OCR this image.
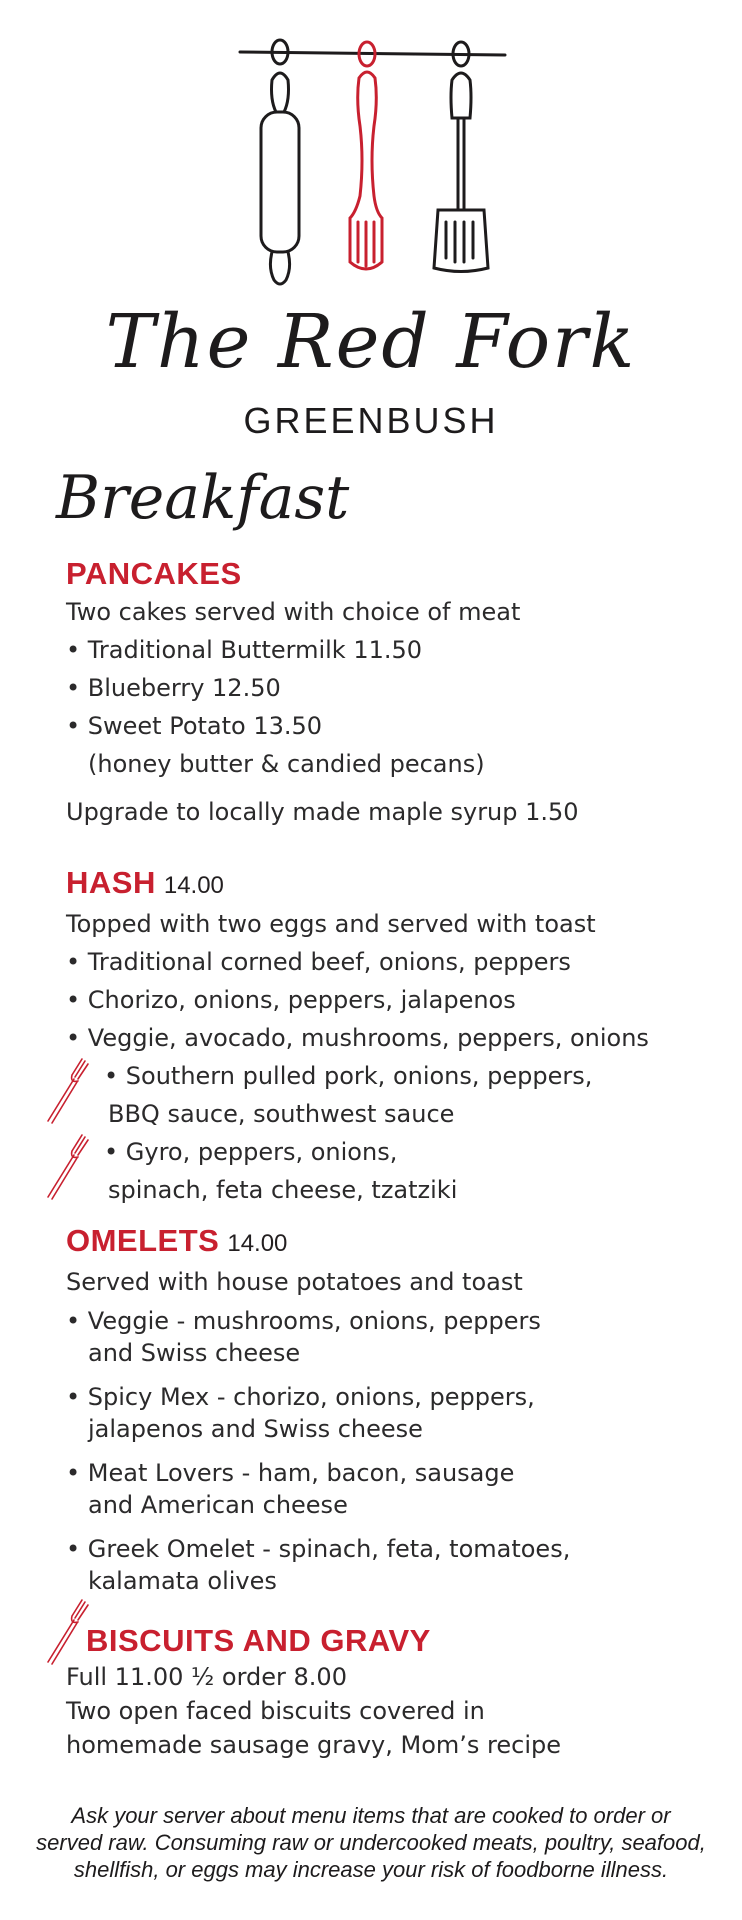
The Red Fork
GREENBUSH
Breakfast
PANCAKES
Two cakes served with choice of meat
• Traditional Buttermilk 11.50
• Blueberry 12.50
• Sweet Potato 13.50
(honey butter & candied pecans)
Upgrade to locally made maple syrup 1.50
HASH 14.00
Topped with two eggs and served with toast
• Traditional corned beef, onions, peppers
• Chorizo, onions, peppers, jalapenos
• Veggie, avocado, mushrooms, peppers, onions
• Southern pulled pork, onions, peppers,
BBQ sauce, southwest sauce
• Gyro, peppers, onions,
spinach, feta cheese, tzatziki
OMELETS 14.00
Served with house potatoes and toast
• Veggie - mushrooms, onions, peppers
and Swiss cheese
• Spicy Mex - chorizo, onions, peppers,
jalapenos and Swiss cheese
• Meat Lovers - ham, bacon, sausage
and American cheese
• Greek Omelet - spinach, feta, tomatoes,
kalamata olives
BISCUITS AND GRAVY
Full 11.00 ½ order 8.00
Two open faced biscuits covered in
homemade sausage gravy, Mom’s recipe
Ask your server about menu items that are cooked to order or
served raw. Consuming raw or undercooked meats, poultry, seafood,
shellfish, or eggs may increase your risk of foodborne illness.
